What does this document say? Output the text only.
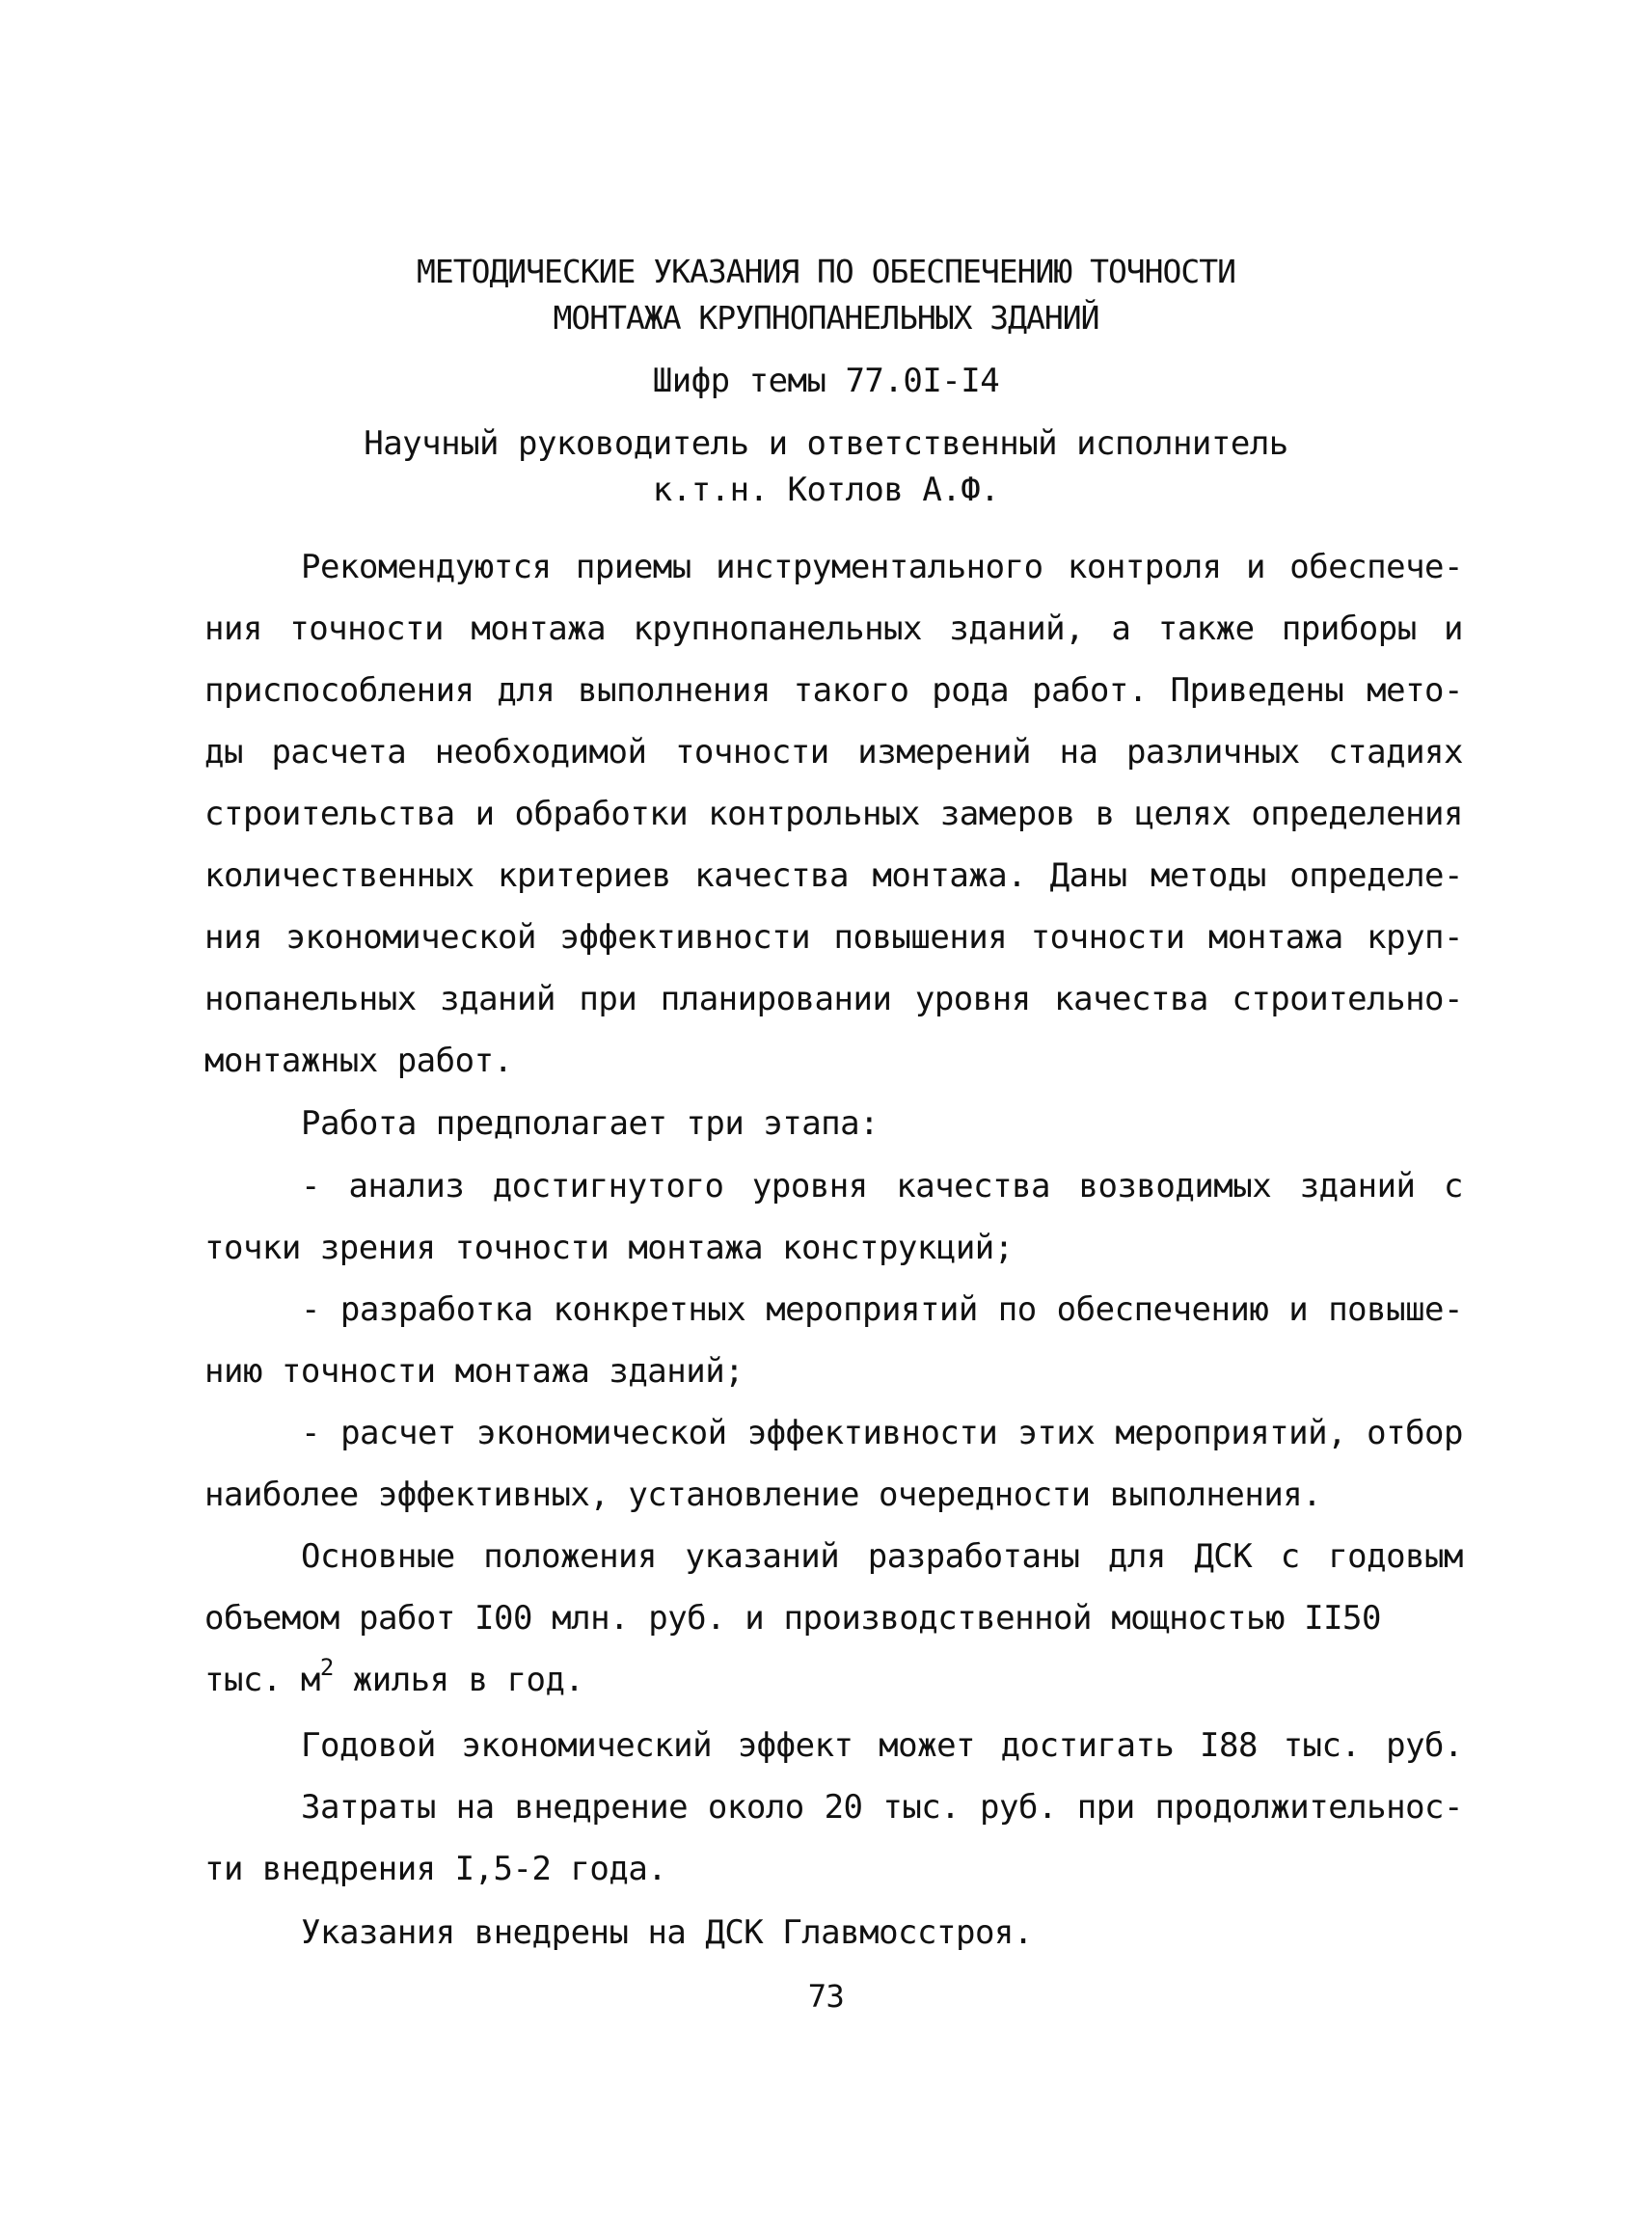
МЕТОДИЧЕСКИЕ УКАЗАНИЯ ПО ОБЕСПЕЧЕНИЮ ТОЧНОСТИ
МОНТАЖА КРУПНОПАНЕЛЬНЫХ ЗДАНИЙ
Шифр темы 77.0I-I4
Научный руководитель и ответственный исполнитель
к.т.н. Котлов А.Ф.
Рекомендуются приемы инструментального контроля и обеспече-
ния точности монтажа крупнопанельных зданий, а также приборы и
приспособления для выполнения такого рода работ. Приведены мето-
ды расчета необходимой точности измерений на различных стадиях
строительства и обработки контрольных замеров в целях определения
количественных критериев качества монтажа. Даны методы определе-
ния экономической эффективности повышения точности монтажа круп-
нопанельных зданий при планировании уровня качества строительно-
монтажных работ.
Работа предполагает три этапа:
- анализ достигнутого уровня качества возводимых зданий с
точки зрения точности монтажа конструкций;
- разработка конкретных мероприятий по обеспечению и повыше-
нию точности монтажа зданий;
- расчет экономической эффективности этих мероприятий, отбор
наиболее эффективных, установление очередности выполнения.
Основные положения указаний разработаны для ДСК с годовым
объемом работ I00 млн. руб. и производственной мощностью II50
тыс. $м^2$ жилья в год.
Годовой экономический эффект может достигать I88 тыс. руб.
Затраты на внедрение около 20 тыс. руб. при продолжительнос-
ти внедрения I,5-2 года.
Указания внедрены на ДСК Главмосстроя.
73
